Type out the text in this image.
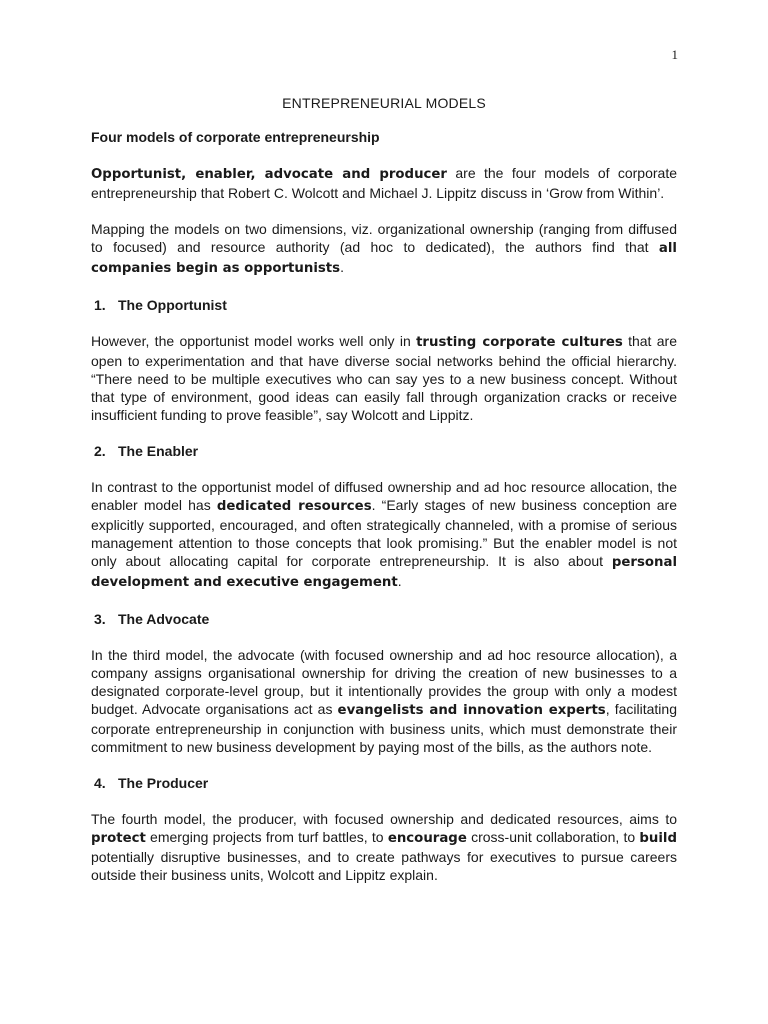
1
ENTREPRENEURIAL MODELS
Four models of corporate entrepreneurship

Opportunist, enabler, advocate and producer are the four models of corporate entrepreneurship that Robert C. Wolcott and Michael J. Lippitz discuss in ‘Grow from Within’.

Mapping the models on two dimensions, viz. organizational ownership (ranging from diffused to focused) and resource authority (ad hoc to dedicated), the authors find that all companies begin as opportunists.

1. The Opportunist

However, the opportunist model works well only in trusting corporate cultures that are open to experimentation and that have diverse social networks behind the official hierarchy. “There need to be multiple executives who can say yes to a new business concept. Without that type of environment, good ideas can easily fall through organization cracks or receive insufficient funding to prove feasible”, say Wolcott and Lippitz.

2. The Enabler

In contrast to the opportunist model of diffused ownership and ad hoc resource allocation, the enabler model has dedicated resources. “Early stages of new business conception are explicitly supported, encouraged, and often strategically channeled, with a promise of serious management attention to those concepts that look promising.” But the enabler model is not only about allocating capital for corporate entrepreneurship. It is also about personal development and executive engagement.

3. The Advocate

In the third model, the advocate (with focused ownership and ad hoc resource allocation), a company assigns organisational ownership for driving the creation of new businesses to a designated corporate-level group, but it intentionally provides the group with only a modest budget. Advocate organisations act as evangelists and innovation experts, facilitating corporate entrepreneurship in conjunction with business units, which must demonstrate their commitment to new business development by paying most of the bills, as the authors note.

4. The Producer

The fourth model, the producer, with focused ownership and dedicated resources, aims to protect emerging projects from turf battles, to encourage cross-unit collaboration, to build potentially disruptive businesses, and to create pathways for executives to pursue careers outside their business units, Wolcott and Lippitz explain.
